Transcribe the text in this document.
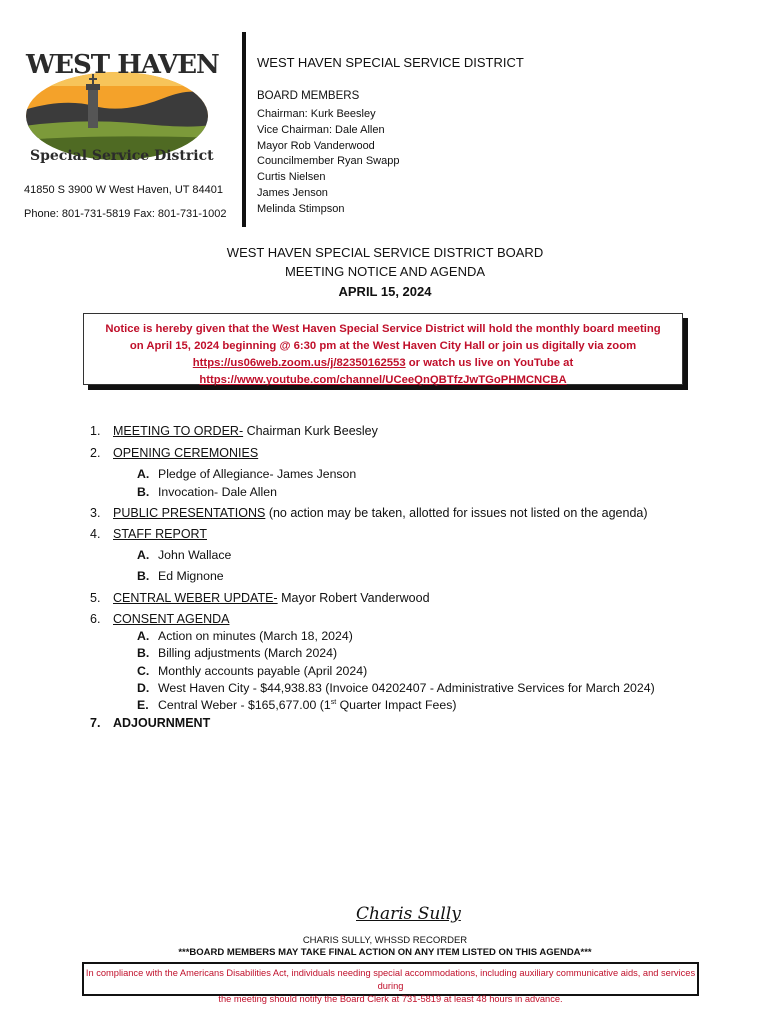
WEST HAVEN
Special Service District
41850 S 3900 W West Haven, UT 84401
Phone: 801-731-5819 Fax: 801-731-1002
WEST HAVEN SPECIAL SERVICE DISTRICT
BOARD MEMBERS
Chairman: Kurk Beesley
Vice Chairman: Dale Allen
Mayor Rob Vanderwood
Councilmember Ryan Swapp
Curtis Nielsen
James Jenson
Melinda Stimpson
WEST HAVEN SPECIAL SERVICE DISTRICT BOARD
MEETING NOTICE AND AGENDA
APRIL 15, 2024
Notice is hereby given that the West Haven Special Service District will hold the monthly board meeting
on April 15, 2024 beginning @ 6:30 pm at the West Haven City Hall or join us digitally via zoom
https://us06web.zoom.us/j/82350162553 or watch us live on YouTube at
https://www.youtube.com/channel/UCeeQnQBTfzJwTGoPHMCNCBA
1. MEETING TO ORDER- Chairman Kurk Beesley
2. OPENING CEREMONIES
A. Pledge of Allegiance- James Jenson
B. Invocation- Dale Allen
3. PUBLIC PRESENTATIONS (no action may be taken, allotted for issues not listed on the agenda)
4. STAFF REPORT
A. John Wallace
B. Ed Mignone
5. CENTRAL WEBER UPDATE- Mayor Robert Vanderwood
6. CONSENT AGENDA
A. Action on minutes (March 18, 2024)
B. Billing adjustments (March 2024)
C. Monthly accounts payable (April 2024)
D. West Haven City - $44,938.83 (Invoice 04202407 - Administrative Services for March 2024)
E. Central Weber - $165,677.00 (1st Quarter Impact Fees)
7. ADJOURNMENT
Charis Sully
CHARIS SULLY, WHSSD RECORDER
***BOARD MEMBERS MAY TAKE FINAL ACTION ON ANY ITEM LISTED ON THIS AGENDA***
In compliance with the Americans Disabilities Act, individuals needing special accommodations, including auxiliary communicative aids, and services during
the meeting should notify the Board Clerk at 731-5819 at least 48 hours in advance.
